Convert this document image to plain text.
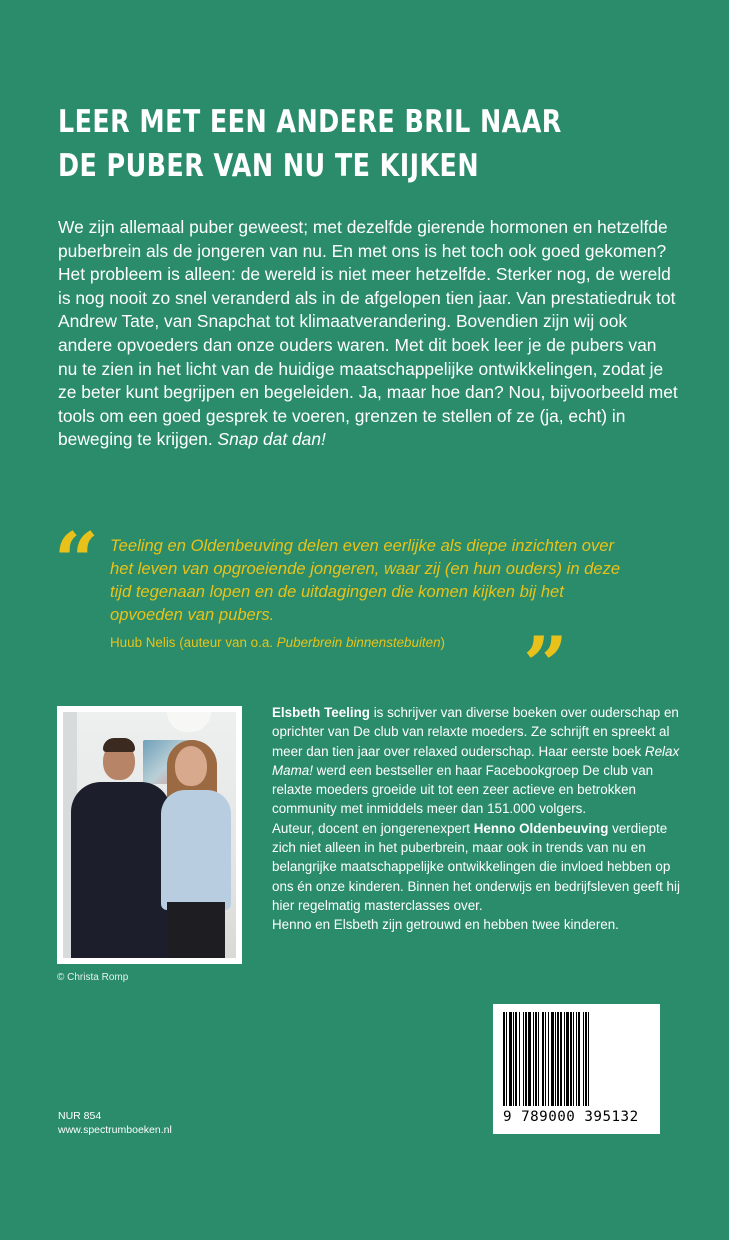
LEER MET EEN ANDERE BRIL NAAR
DE PUBER VAN NU TE KIJKEN
We zijn allemaal puber geweest; met dezelfde gierende hormonen en hetzelfde puberbrein als de jongeren van nu. En met ons is het toch ook goed gekomen? Het probleem is alleen: de wereld is niet meer hetzelfde. Sterker nog, de wereld is nog nooit zo snel veranderd als in de afgelopen tien jaar. Van prestatiedruk tot Andrew Tate, van Snapchat tot klimaatverandering. Bovendien zijn wij ook andere opvoeders dan onze ouders waren. Met dit boek leer je de pubers van nu te zien in het licht van de huidige maatschappelijke ontwikkelingen, zodat je ze beter kunt begrijpen en begeleiden. Ja, maar hoe dan? Nou, bijvoorbeeld met tools om een goed gesprek te voeren, grenzen te stellen of ze (ja, echt) in beweging te krijgen. Snap dat dan!
“ Teeling en Oldenbeuving delen even eerlijke als diepe inzichten over het leven van opgroeiende jongeren, waar zij (en hun ouders) in deze tijd tegenaan lopen en de uitdagingen die komen kijken bij het opvoeden van pubers.
Huub Nelis (auteur van o.a. Puberbrein binnenstebuiten) ”
© Christa Romp
Elsbeth Teeling is schrijver van diverse boeken over ouderschap en oprichter van De club van relaxte moeders. Ze schrijft en spreekt al meer dan tien jaar over relaxed ouderschap. Haar eerste boek Relax Mama! werd een bestseller en haar Facebookgroep De club van relaxte moeders groeide uit tot een zeer actieve en betrokken community met inmiddels meer dan 151.000 volgers.
Auteur, docent en jongerenexpert Henno Oldenbeuving verdiepte zich niet alleen in het puberbrein, maar ook in trends van nu en belangrijke maatschappelijke ontwikkelingen die invloed hebben op ons én onze kinderen. Binnen het onderwijs en bedrijfsleven geeft hij hier regelmatig masterclasses over.
Henno en Elsbeth zijn getrouwd en hebben twee kinderen.
9 789000 395132
NUR 854
www.spectrumboeken.nl
